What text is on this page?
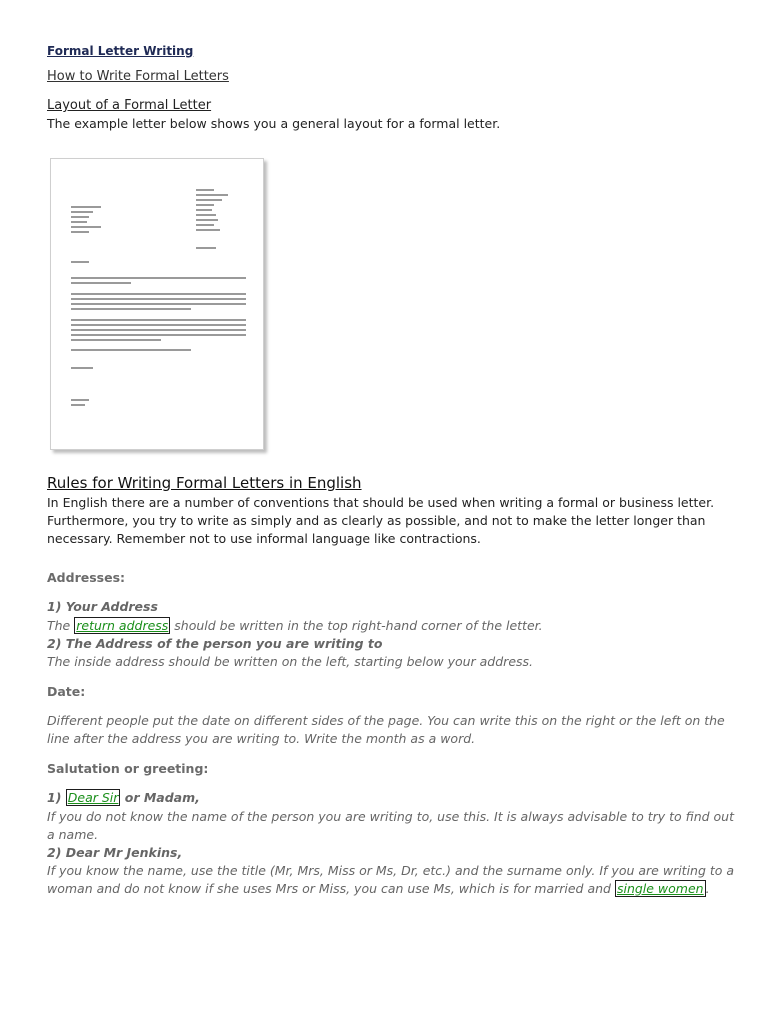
Formal Letter Writing
How to Write Formal Letters
Layout of a Formal Letter
The example letter below shows you a general layout for a formal letter.
Rules for Writing Formal Letters in English
In English there are a number of conventions that should be used when writing a formal or business letter. Furthermore, you try to write as simply and as clearly as possible, and not to make the letter longer than necessary. Remember not to use informal language like contractions.
Addresses:
1) Your Address
The return address should be written in the top right-hand corner of the letter.
2) The Address of the person you are writing to
The inside address should be written on the left, starting below your address.
Date:
Different people put the date on different sides of the page. You can write this on the right or the left on the line after the address you are writing to. Write the month as a word.
Salutation or greeting:
1) Dear Sir or Madam,
If you do not know the name of the person you are writing to, use this. It is always advisable to try to find out a name.
2) Dear Mr Jenkins,
If you know the name, use the title (Mr, Mrs, Miss or Ms, Dr, etc.) and the surname only. If you are writing to a woman and do not know if she uses Mrs or Miss, you can use Ms, which is for married and single women .
